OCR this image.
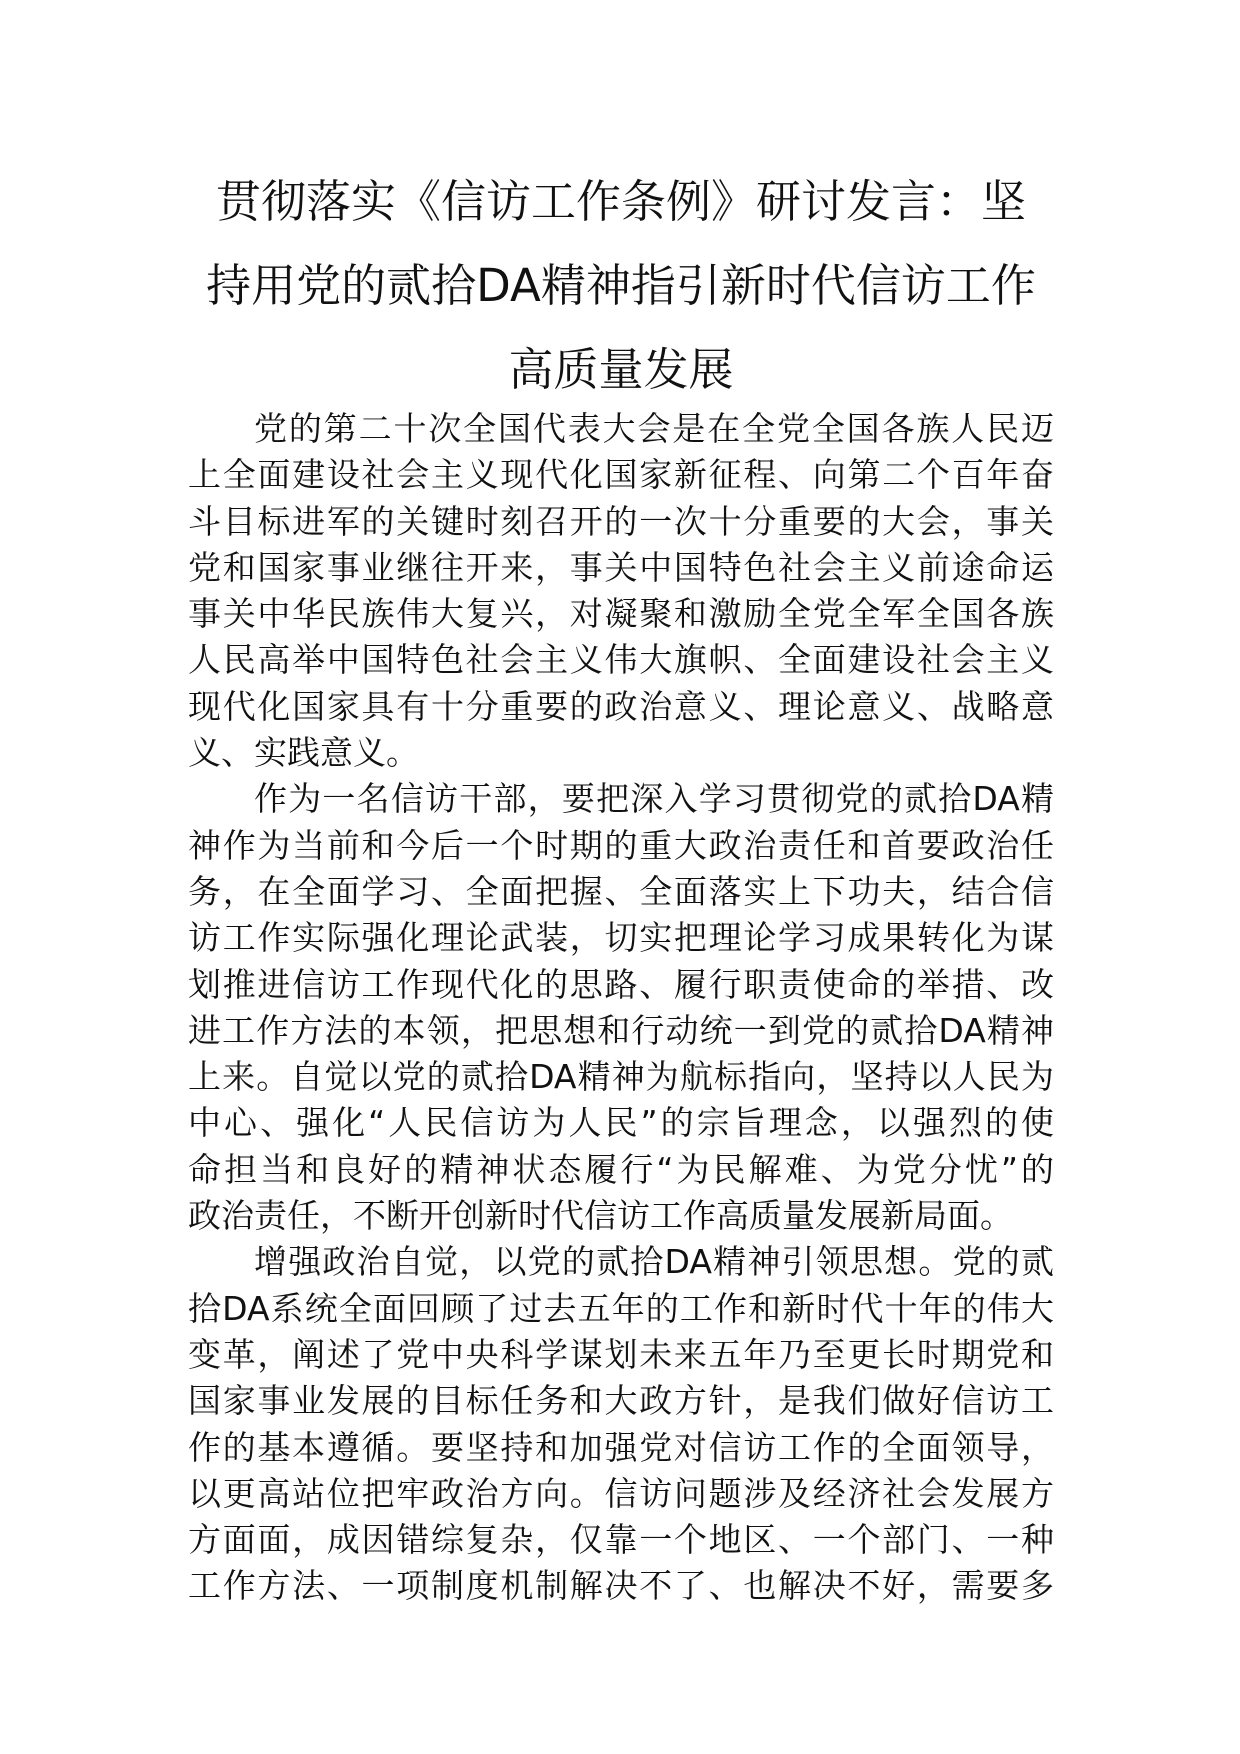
贯彻落实《信访工作条例》研讨发言：坚
持用党的贰拾DA精神指引新时代信访工作
高质量发展
党的第二十次全国代表大会是在全党全国各族人民迈
上全面建设社会主义现代化国家新征程、向第二个百年奋
斗目标进军的关键时刻召开的一次十分重要的大会，事关
党和国家事业继往开来，事关中国特色社会主义前途命运
事关中华民族伟大复兴，对凝聚和激励全党全军全国各族
人民高举中国特色社会主义伟大旗帜、全面建设社会主义
现代化国家具有十分重要的政治意义、理论意义、战略意
义、实践意义。
作为一名信访干部，要把深入学习贯彻党的贰拾DA精
神作为当前和今后一个时期的重大政治责任和首要政治任
务，在全面学习、全面把握、全面落实上下功夫，结合信
访工作实际强化理论武装，切实把理论学习成果转化为谋
划推进信访工作现代化的思路、履行职责使命的举措、改
进工作方法的本领，把思想和行动统一到党的贰拾DA精神
上来。自觉以党的贰拾DA精神为航标指向，坚持以人民为
中心、强化“人民信访为人民”的宗旨理念，以强烈的使
命担当和良好的精神状态履行“为民解难、为党分忧”的
政治责任，不断开创新时代信访工作高质量发展新局面。
增强政治自觉，以党的贰拾DA精神引领思想。党的贰
拾DA系统全面回顾了过去五年的工作和新时代十年的伟大
变革，阐述了党中央科学谋划未来五年乃至更长时期党和
国家事业发展的目标任务和大政方针，是我们做好信访工
作的基本遵循。要坚持和加强党对信访工作的全面领导，
以更高站位把牢政治方向。信访问题涉及经济社会发展方
方面面，成因错综复杂，仅靠一个地区、一个部门、一种
工作方法、一项制度机制解决不了、也解决不好，需要多
